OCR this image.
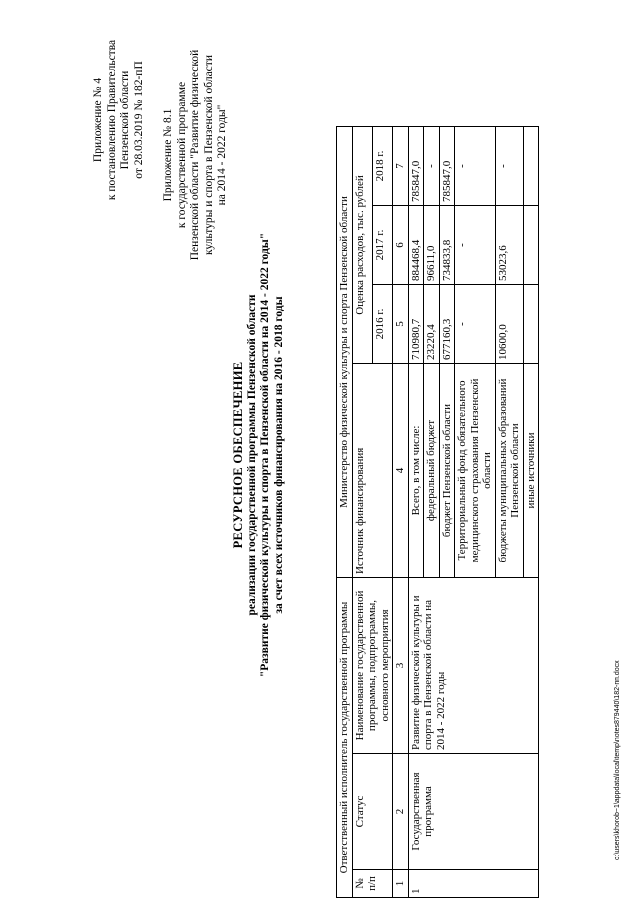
Приложение № 4 к постановлению Правительства Пензенской области от 28.03.2019 № 182-пП Приложение № 8.1 к государственной программе Пензенской области "Развитие физической культуры и спорта в Пензенской области на 2014 - 2022 годы"
РЕСУРСНОЕ ОБЕСПЕЧЕНИЕ реализации государственной программы Пензенской области "Развитие физической культуры и спорта в Пензенской области на 2014 - 2022 годы" за счет всех источников финансирования на 2016 - 2018 годы
Ответственный исполнитель государственной программы			Министерство физической культуры и спорта Пензенской области				
№ п/п	Статус	Наименование государственной программы, подпрограммы, основного мероприятия	Источник финансирования	Оценка расходов, тыс. рублей			
				2016 г.	2017 г.	2018 г.	
1	2	3	4	5	6	7	
1	Государственная программа	Развитие физической культуры и спорта в Пензенской области на 2014 - 2022 годы	Всего, в том числе:	710980,7	884468,4	785847,0	
			федеральный бюджет	23220,4	96611,0	-	
			бюджет Пензенской области	677160,3	734833,8	785847,0	
			Территориальный фонд обязательного медицинского страхования Пензенской области	-	-	-	
			бюджеты муниципальных образований Пензенской области	10600,0	53023,6	-	
			иные источники				
c:\users\khorob~1\appdata\local\temp\notes879440\182-пп.docx
